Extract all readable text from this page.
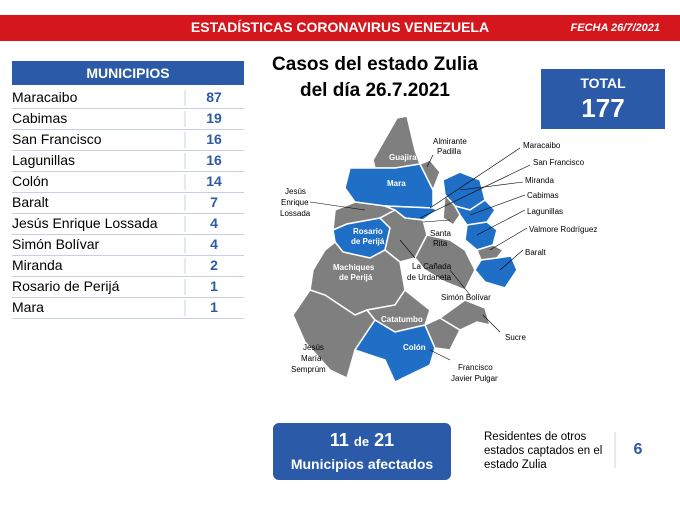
ESTADÍSTICAS CORONAVIRUS VENEZUELA	FECHA 26/7/2021
MUNICIPIOS
Maracaibo	87
Cabimas	19
San Francisco	16
Lagunillas	16
Colón	14
Baralt	7
Jesús Enrique Lossada	4
Simón Bolívar	4
Miranda	2
Rosario de Perijá	1
Mara	1
Casos del estado Zulia
del día 26.7.2021	TOTAL
177
Guajira
Mara
Rosario
de Perijá
Machiques
de Perijá
Catatumbo
Colón
Almirante
Padilla
Maracaibo
San Francisco
Jesús
Enrique
Lossada
Miranda
Cabimas
Lagunillas
Santa
Rita
Valmore Rodríguez
Baralt
La Cañada
de Urdaneta
Simón Bolívar
Sucre
Jesús
María
Semprúm	Francisco
Javier Pulgar
11 de 21
Municipios afectados
Residentes de otros estados captados en el estado Zulia
6
